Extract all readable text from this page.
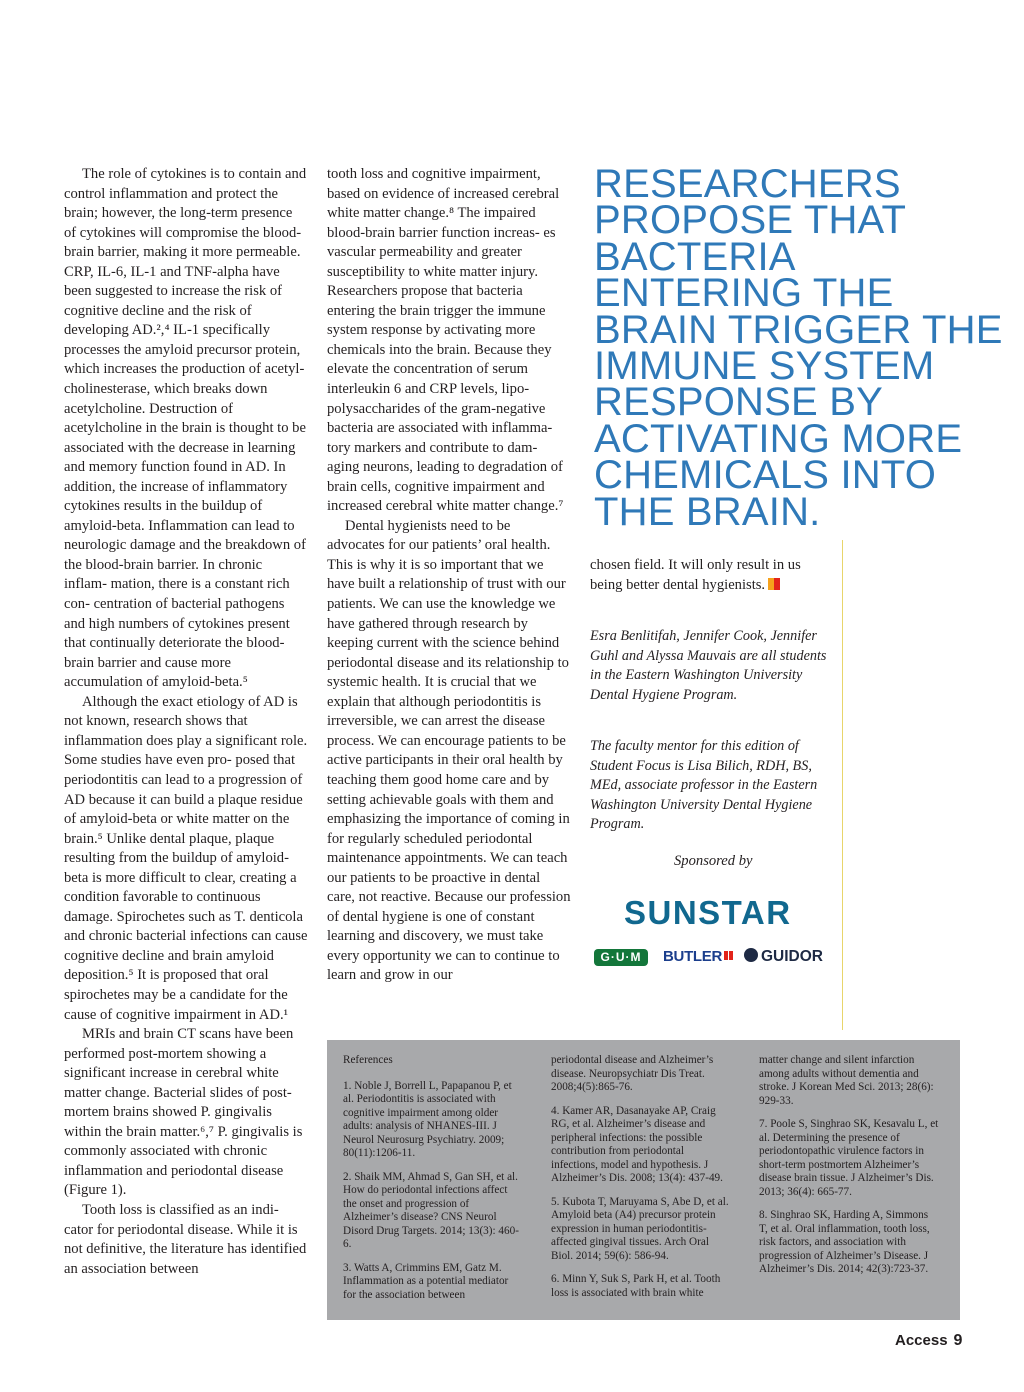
The role of cytokines is to contain and control inflammation and protect the brain; however, the long-term presence of cytokines will compromise the blood-brain barrier, making it more permeable. CRP, IL-6, IL-1 and TNF-alpha have been suggested to increase the risk of cognitive decline and the risk of developing AD.²,⁴ IL-1 specifically processes the amyloid precursor protein, which increases the production of acetyl-cholinesterase, which breaks down acetylcholine. Destruction of acetylcholine in the brain is thought to be associated with the decrease in learning and memory function found in AD. In addition, the increase of inflammatory cytokines results in the buildup of amyloid-beta. Inflammation can lead to neurologic damage and the breakdown of the blood-brain barrier. In chronic inflam- mation, there is a constant rich con- centration of bacterial pathogens and high numbers of cytokines present that continually deteriorate the blood-brain barrier and cause more accumulation of amyloid-beta.⁵

Although the exact etiology of AD is not known, research shows that inflammation does play a significant role. Some studies have even pro- posed that periodontitis can lead to a progression of AD because it can build a plaque residue of amyloid-beta or white matter on the brain.⁵ Unlike dental plaque, plaque resulting from the buildup of amyloid-beta is more difficult to clear, creating a condition favorable to continuous damage. Spirochetes such as T. denticola and chronic bacterial infections can cause cognitive decline and brain amyloid deposition.⁵ It is proposed that oral spirochetes may be a candidate for the cause of cognitive impairment in AD.¹

MRIs and brain CT scans have been performed post-mortem showing a significant increase in cerebral white matter change. Bacterial slides of post-mortem brains showed P. gingivalis within the brain matter.⁶,⁷ P. gingivalis is commonly associated with chronic inflammation and periodontal disease (Figure 1).

Tooth loss is classified as an indi- cator for periodontal disease. While it is not definitive, the literature has identified an association between

tooth loss and cognitive impairment, based on evidence of increased cerebral white matter change.⁸ The impaired blood-brain barrier function increas- es vascular permeability and greater susceptibility to white matter injury. Researchers propose that bacteria entering the brain trigger the immune system response by activating more chemicals into the brain. Because they elevate the concentration of serum interleukin 6 and CRP levels, lipo- polysaccharides of the gram-negative bacteria are associated with inflamma- tory markers and contribute to dam- aging neurons, leading to degradation of brain cells, cognitive impairment and increased cerebral white matter change.⁷

Dental hygienists need to be advocates for our patients’ oral health. This is why it is so important that we have built a relationship of trust with our patients. We can use the knowledge we have gathered through research by keeping current with the science behind periodontal disease and its relationship to systemic health. It is crucial that we explain that although periodontitis is irreversible, we can arrest the disease process. We can encourage patients to be active participants in their oral health by teaching them good home care and by setting achievable goals with them and emphasizing the importance of coming in for regularly scheduled periodontal maintenance appointments. We can teach our patients to be proactive in dental care, not reactive. Because our profession of dental hygiene is one of constant learning and discovery, we must take every opportunity we can to continue to learn and grow in our

RESEARCHERS
PROPOSE THAT
BACTERIA
ENTERING THE
BRAIN TRIGGER THE
IMMUNE SYSTEM
RESPONSE BY
ACTIVATING MORE
CHEMICALS INTO
THE BRAIN.

chosen field. It will only result in us being better dental hygienists.

Esra Benlitifah, Jennifer Cook, Jennifer Guhl and Alyssa Mauvais are all students in the Eastern Washington University Dental Hygiene Program.
The faculty mentor for this edition of Student Focus is Lisa Bilich, RDH, BS, MEd, associate professor in the Eastern Washington University Dental Hygiene Program.
Sponsored by
SUNSTAR
G·U·M	BUTLER	GUIDOR

References

1. Noble J, Borrell L, Papapanou P, et al. Periodontitis is associated with cognitive impairment among older adults: analysis of NHANES-III. J Neurol Neurosurg Psychiatry. 2009; 80(11):1206-11.

2. Shaik MM, Ahmad S, Gan SH, et al. How do periodontal infections affect the onset and progression of Alzheimer’s disease? CNS Neurol Disord Drug Targets. 2014; 13(3): 460-6.

3. Watts A, Crimmins EM, Gatz M. Inflammation as a potential mediator for the association between

periodontal disease and Alzheimer’s disease. Neuropsychiatr Dis Treat. 2008;4(5):865-76.

4. Kamer AR, Dasanayake AP, Craig RG, et al. Alzheimer’s disease and peripheral infections: the possible contribution from periodontal infections, model and hypothesis. J Alzheimer’s Dis. 2008; 13(4): 437-49.

5. Kubota T, Maruyama S, Abe D, et al. Amyloid beta (A4) precursor protein expression in human periodontitis-affected gingival tissues. Arch Oral Biol. 2014; 59(6): 586-94.

6. Minn Y, Suk S, Park H, et al. Tooth loss is associated with brain white

matter change and silent infarction among adults without dementia and stroke. J Korean Med Sci. 2013; 28(6): 929-33.

7. Poole S, Singhrao SK, Kesavalu L, et al. Determining the presence of periodontopathic virulence factors in short-term postmortem Alzheimer’s disease brain tissue. J Alzheimer’s Dis. 2013; 36(4): 665-77.

8. Singhrao SK, Harding A, Simmons T, et al. Oral inflammation, tooth loss, risk factors, and association with progression of Alzheimer’s Disease. J Alzheimer’s Dis. 2014; 42(3):723-37.

Access 9
